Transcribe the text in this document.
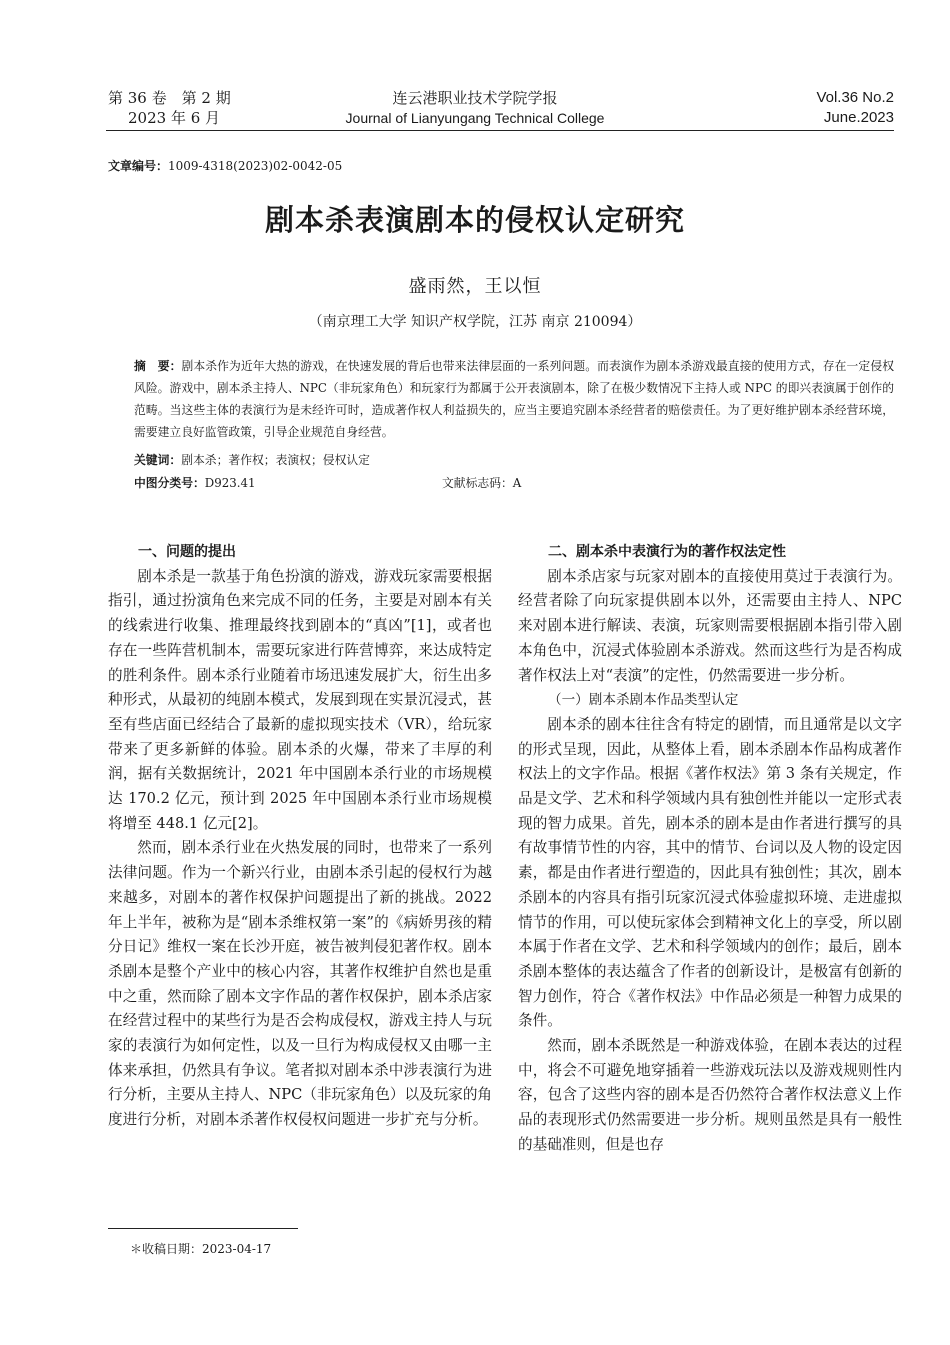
第 36 卷　第 2 期
2023 年 6 月
连云港职业技术学院学报
Journal of Lianyungang Technical College
Vol.36 No.2
June.2023
文章编号：1009-4318(2023)02-0042-05
剧本杀表演剧本的侵权认定研究
盛雨然，王以恒
（南京理工大学 知识产权学院，江苏 南京 210094）
摘　要：剧本杀作为近年大热的游戏，在快速发展的背后也带来法律层面的一系列问题。而表演作为剧本杀游戏最直接的使用方式，存在一定侵权风险。游戏中，剧本杀主持人、NPC（非玩家角色）和玩家行为都属于公开表演剧本，除了在极少数情况下主持人或 NPC 的即兴表演属于创作的范畴。当这些主体的表演行为是未经许可时，造成著作权人利益损失的，应当主要追究剧本杀经营者的赔偿责任。为了更好维护剧本杀经营环境，需要建立良好监管政策，引导企业规范自身经营。
关键词：剧本杀；著作权；表演权；侵权认定
中图分类号：D923.41	文献标志码：A
一、问题的提出

剧本杀是一款基于角色扮演的游戏，游戏玩家需要根据指引，通过扮演角色来完成不同的任务，主要是对剧本有关的线索进行收集、推理最终找到剧本的“真凶”[1]，或者也存在一些阵营机制本，需要玩家进行阵营博弈，来达成特定的胜利条件。剧本杀行业随着市场迅速发展扩大，衍生出多种形式，从最初的纯剧本模式，发展到现在实景沉浸式，甚至有些店面已经结合了最新的虚拟现实技术（VR），给玩家带来了更多新鲜的体验。剧本杀的火爆，带来了丰厚的利润，据有关数据统计，2021 年中国剧本杀行业的市场规模达 170.2 亿元，预计到 2025 年中国剧本杀行业市场规模将增至 448.1 亿元[2]。

然而，剧本杀行业在火热发展的同时，也带来了一系列法律问题。作为一个新兴行业，由剧本杀引起的侵权行为越来越多，对剧本的著作权保护问题提出了新的挑战。2022 年上半年，被称为是“剧本杀维权第一案”的《病娇男孩的精分日记》维权一案在长沙开庭，被告被判侵犯著作权。剧本杀剧本是整个产业中的核心内容，其著作权维护自然也是重中之重，然而除了剧本文字作品的著作权保护，剧本杀店家在经营过程中的某些行为是否会构成侵权，游戏主持人与玩家的表演行为如何定性，以及一旦行为构成侵权又由哪一主体来承担，仍然具有争议。笔者拟对剧本杀中涉表演行为进行分析，主要从主持人、NPC（非玩家角色）以及玩家的角度进行分析，对剧本杀著作权侵权问题进一步扩充与分析。

二、剧本杀中表演行为的著作权法定性

剧本杀店家与玩家对剧本的直接使用莫过于表演行为。经营者除了向玩家提供剧本以外，还需要由主持人、NPC 来对剧本进行解读、表演，玩家则需要根据剧本指引带入剧本角色中，沉浸式体验剧本杀游戏。然而这些行为是否构成著作权法上对“表演”的定性，仍然需要进一步分析。

（一）剧本杀剧本作品类型认定

剧本杀的剧本往往含有特定的剧情，而且通常是以文字的形式呈现，因此，从整体上看，剧本杀剧本作品构成著作权法上的文字作品。根据《著作权法》第 3 条有关规定，作品是文学、艺术和科学领域内具有独创性并能以一定形式表现的智力成果。首先，剧本杀的剧本是由作者进行撰写的具有故事情节性的内容，其中的情节、台词以及人物的设定因素，都是由作者进行塑造的，因此具有独创性；其次，剧本杀剧本的内容具有指引玩家沉浸式体验虚拟环境、走进虚拟情节的作用，可以使玩家体会到精神文化上的享受，所以剧本属于作者在文学、艺术和科学领域内的创作；最后，剧本杀剧本整体的表达蕴含了作者的创新设计，是极富有创新的智力创作，符合《著作权法》中作品必须是一种智力成果的条件。

然而，剧本杀既然是一种游戏体验，在剧本表达的过程中，将会不可避免地穿插着一些游戏玩法以及游戏规则性内容，包含了这些内容的剧本是否仍然符合著作权法意义上作品的表现形式仍然需要进一步分析。规则虽然是具有一般性的基础准则，但是也存

＊收稿日期：2023-04-17
